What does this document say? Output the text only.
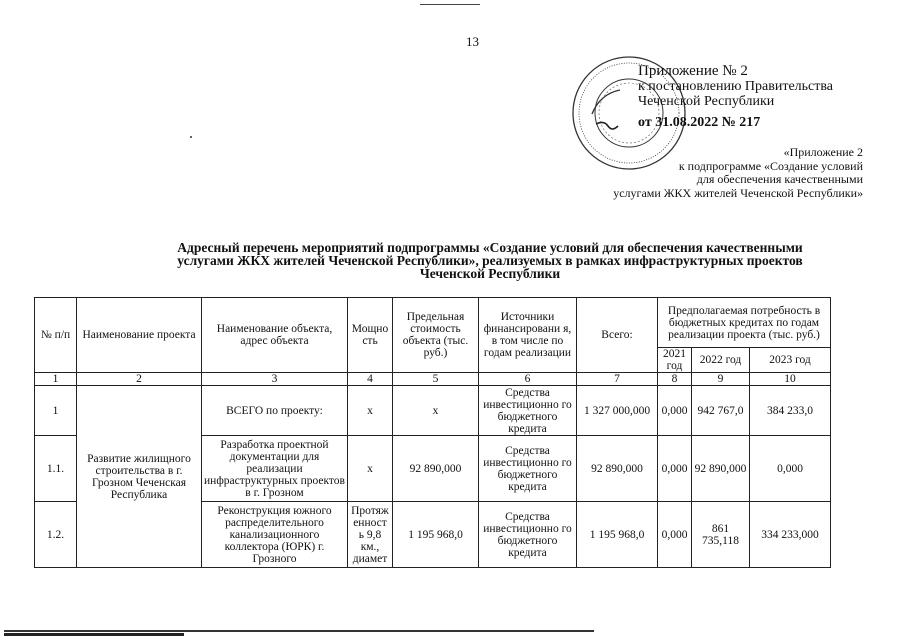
13
Приложение № 2
к постановлению Правительства
Чеченской Республики
от 31.08.2022 № 217
«Приложение 2
к подпрограмме «Создание условий
для обеспечения качественными
услугами ЖКХ жителей Чеченской Республики»
Адресный перечень мероприятий подпрограммы «Создание условий для обеспечения качественными
услугами ЖКХ жителей Чеченской Республики», реализуемых в рамках инфраструктурных проектов
Чеченской Республики
№ п/п	Наименование проекта	Наименование объекта, адрес объекта	Мощно сть	Предельная стоимость объекта (тыс. руб.)	Источники финансировани я, в том числе по годам реализации	Всего:	Предполагаемая потребность в бюджетных кредитах по годам реализации проекта (тыс. руб.)		
							2021 год	2022 год	2023 год
1	2	3	4	5	6	7	8	9	10
1	Развитие жилищного строительства в г. Грозном Чеченская Республика	ВСЕГО по проекту:	х	х	Средства инвестиционно го бюджетного кредита	1 327 000,000	0,000	942 767,0	384 233,0
1.1.		Разработка проектной документации для реализации инфраструктурных проектов в г. Грозном	х	92 890,000	Средства инвестиционно го бюджетного кредита	92 890,000	0,000	92 890,000	0,000
1.2.		Реконструкция южного распределительного канализационного коллектора (ЮРК) г. Грозного	Протяж енност ь 9,8 км., диамет	1 195 968,0	Средства инвестиционно го бюджетного кредита	1 195 968,0	0,000	861 735,118	334 233,000
